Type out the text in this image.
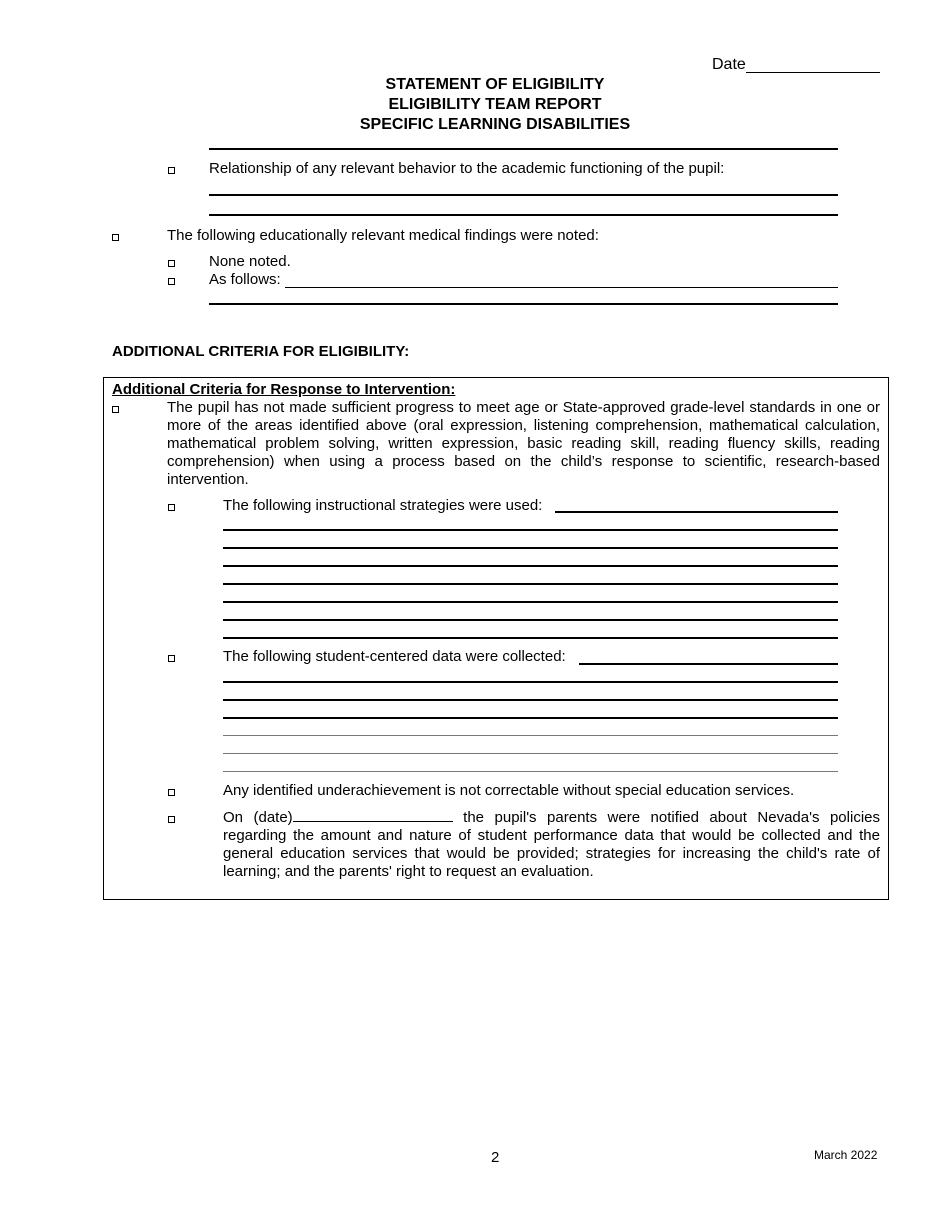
Date
STATEMENT OF ELIGIBILITY
ELIGIBILITY TEAM REPORT
SPECIFIC LEARNING DISABILITIES
Relationship of any relevant behavior to the academic functioning of the pupil:
The following educationally relevant medical findings were noted:
None noted.
As follows:
ADDITIONAL CRITERIA FOR ELIGIBILITY:
Additional Criteria for Response to Intervention:
The pupil has not made sufficient progress to meet age or State-approved grade-level standards in one or more of the areas identified above (oral expression, listening comprehension, mathematical calculation, mathematical problem solving, written expression, basic reading skill, reading fluency skills, reading comprehension) when using a process based on the child’s response to scientific, research-based intervention.
The following instructional strategies were used:
The following student-centered data were collected:
Any identified underachievement is not correctable without special education services.
On (date)	the pupil's parents were notified about Nevada's policies regarding the amount and nature of student performance data that would be collected and the general education services that would be provided; strategies for increasing the child's rate of learning; and the parents' right to request an evaluation.
2	March 2022
